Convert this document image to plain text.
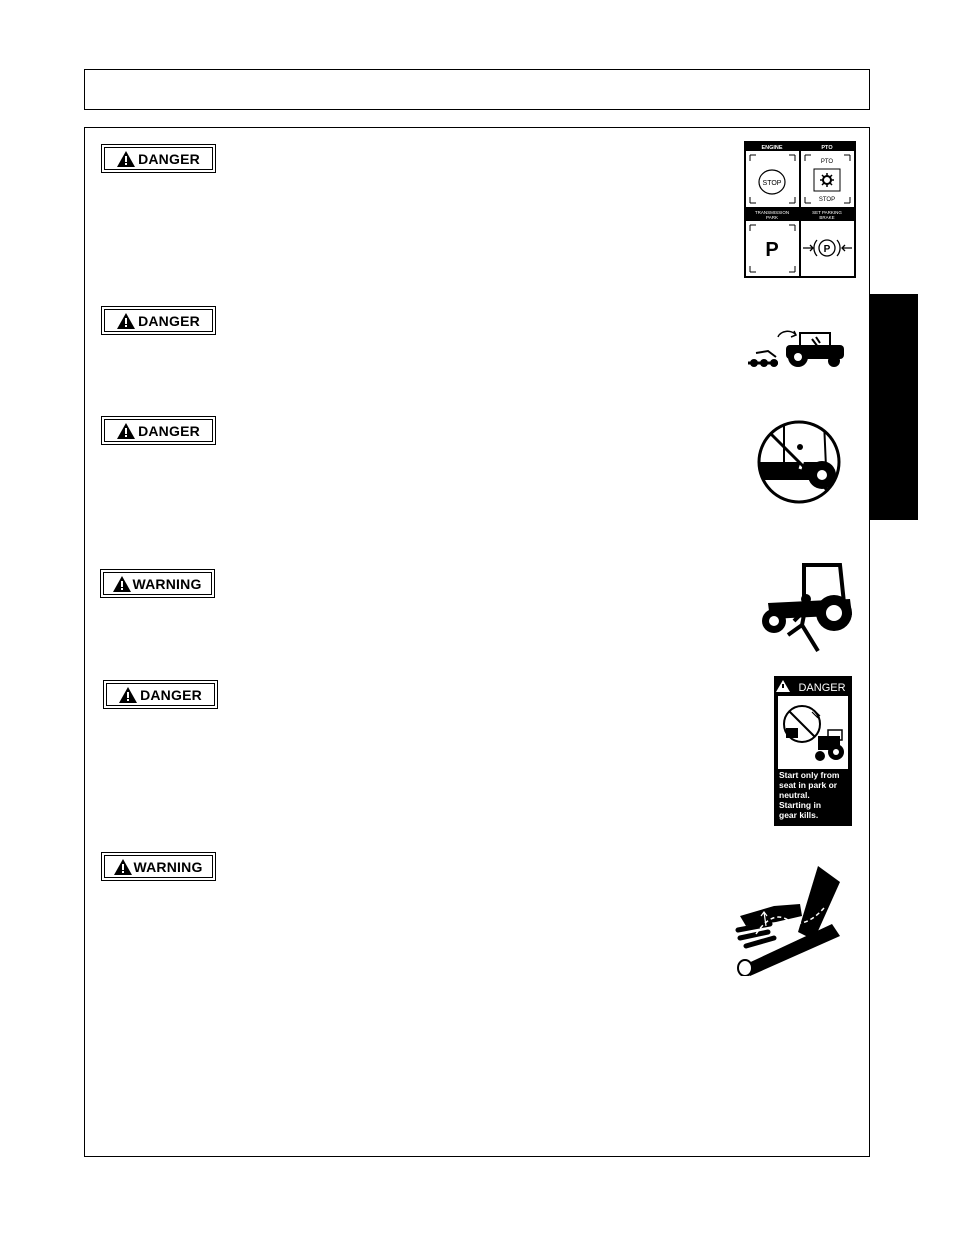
DANGER
DANGER
DANGER
WARNING
DANGER
WARNING
ENGINE
STOP
PTO
PTO
STOP
TRANSMISSION
PARK
P
SET PARKING
BRAKE
P
DANGER
Start only from
seat in park or
neutral.
Starting in
gear kills.
